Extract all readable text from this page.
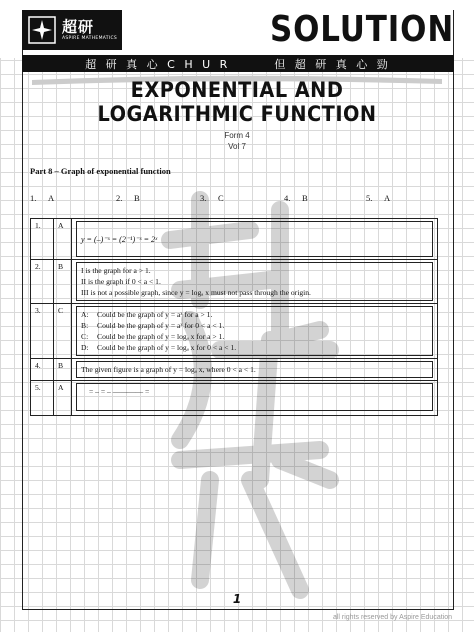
超研
ASPIRE MATHEMATICS	SOLUTION
超 研 真 心 C H U R	但 超 研 真 心 勁
EXPONENTIAL AND
LOGARITHMIC FUNCTION
Form 4
Vol 7
Part 8 – Graph of exponential function
1. A	2. B	3. C	4. B	5. A
1.	A	y = (–)⁻ˣ = (2⁻¹)⁻ˣ = 2ˣ

2.	B	I is the graph for a > 1.
II is the graph if 0 < a < 1.
III is not a possible graph, since y = logₐ x must not pass through the origin.

3.	C	A: Could be the graph of y = aˣ for a > 1.
B: Could be the graph of y = aˣ for 0 < a < 1.
C: Could be the graph of y = logₐ x for a > 1.
D: Could be the graph of y = logₐ x for 0 < a < 1.

4.	B	The given figure is a graph of y = logₐ x, where 0 < a < 1.

5.	A	= – = – ———— =
1
all rights reserved by Aspire Education
